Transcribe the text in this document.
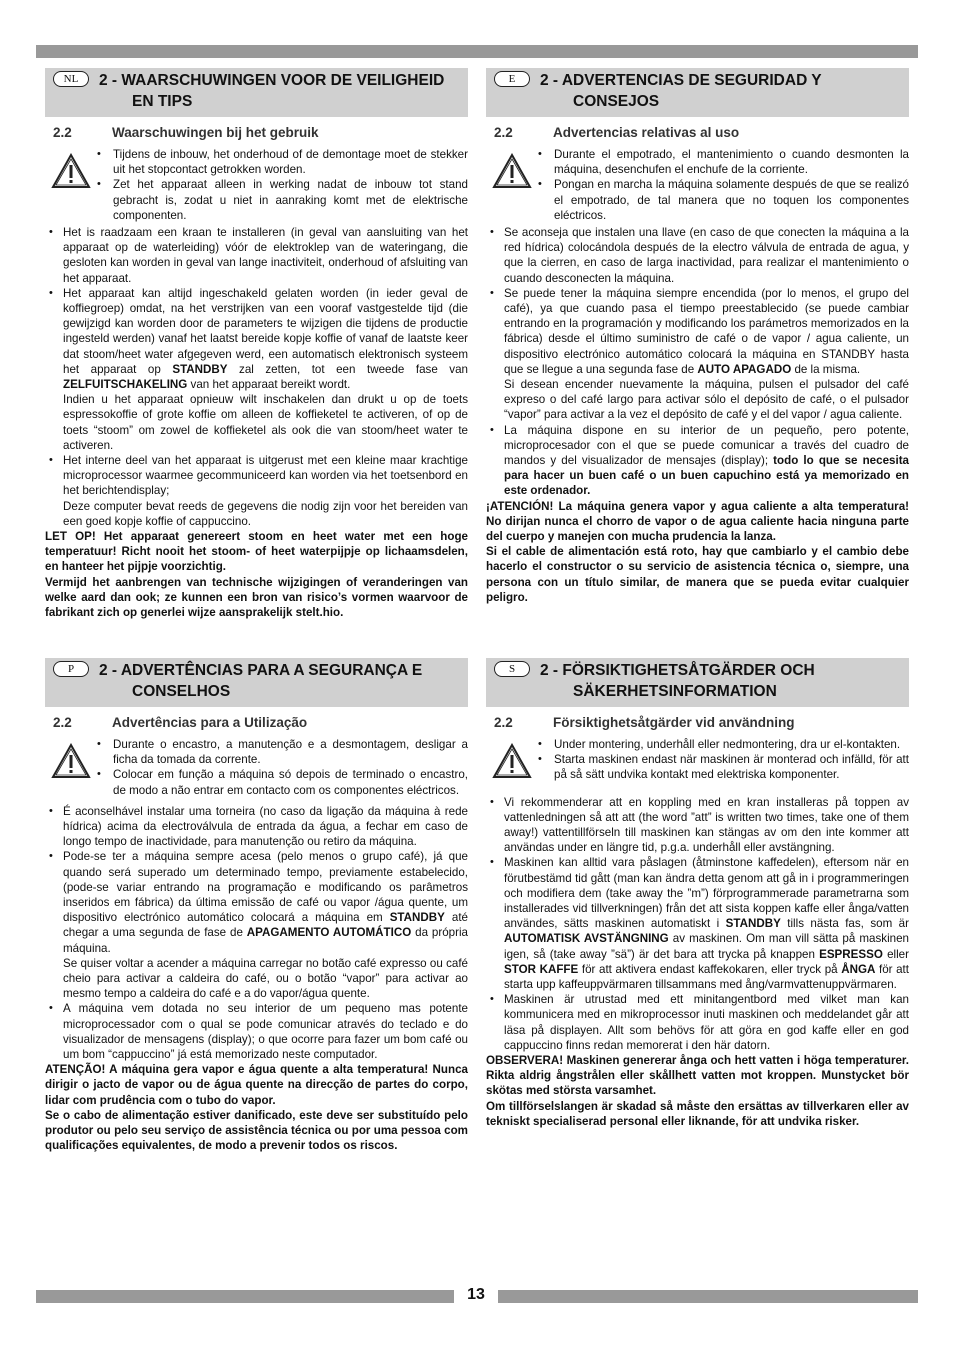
NL	2 - WAARSCHUWINGEN VOOR DE VEILIGHEID EN TIPS
2.2	Waarschuwingen bij het gebruik
• Tijdens de inbouw, het onderhoud of de demontage moet de stekker uit het stopcontact getrokken worden.
• Zet het apparaat alleen in werking nadat de inbouw tot stand gebracht is, zodat u niet in aanraking komt met de elektrische componenten.
• Het is raadzaam een kraan te installeren (in geval van aansluiting van het apparaat op de waterleiding) vóór de elektroklep van de wateringang, die gesloten kan worden in geval van lange inactiviteit, onderhoud of afsluiting van het apparaat.
• Het apparaat kan altijd ingeschakeld gelaten worden (in ieder geval de koffiegroep) omdat, na het verstrijken van een vooraf vastgestelde tijd (die gewijzigd kan worden door de parameters te wijzigen die tijdens de productie ingesteld werden) vanaf het laatst bereide kopje koffie of vanaf de laatste keer dat stoom/heet water afgegeven werd, een automatisch elektronisch systeem het apparaat op STANDBY zal zetten, tot een tweede fase van ZELFUITSCHAKELING van het apparaat bereikt wordt.
Indien u het apparaat opnieuw wilt inschakelen dan drukt u op de toets espressokoffie of grote koffie om alleen de koffieketel te activeren, of op de toets “stoom” om zowel de koffieketel als ook die van stoom/heet water te activeren.
• Het interne deel van het apparaat is uitgerust met een kleine maar krachtige microprocessor waarmee gecommuniceerd kan worden via het toetsenbord en het berichtendisplay;
Deze computer bevat reeds de gegevens die nodig zijn voor het bereiden van een goed kopje koffie of cappuccino.

LET OP! Het apparaat genereert stoom en heet water met een hoge temperatuur! Richt nooit het stoom- of heet waterpijpje op lichaamsdelen, en hanteer het pijpje voorzichtig.

Vermijd het aanbrengen van technische wijzigingen of veranderingen van welke aard dan ook; ze kunnen een bron van risico’s vormen waarvoor de fabrikant zich op generlei wijze aansprakelijk stelt.hio.

E	2 - ADVERTENCIAS DE SEGURIDAD Y CONSEJOS
2.2	Advertencias relativas al uso
• Durante el empotrado, el mantenimiento o cuando desmonten la máquina, desenchufen el enchufe de la corriente.
• Pongan en marcha la máquina solamente después de que se realizó el empotrado, de tal manera que no toquen los componentes eléctricos.
• Se aconseja que instalen una llave (en caso de que conecten la máquina a la red hídrica) colocándola después de la electro válvula de entrada de agua, y que la cierren, en caso de larga inactividad, para realizar el mantenimiento o cuando desconecten la máquina.
• Se puede tener la máquina siempre encendida (por lo menos, el grupo del café), ya que cuando pasa el tiempo preestablecido (se puede cambiar entrando en la programación y modificando los parámetros memorizados en la fábrica) desde el último suministro de café o de vapor / agua caliente, un dispositivo electrónico automático colocará la máquina en STANDBY hasta que se llegue a una segunda fase de AUTO APAGADO de la misma.
Si desean encender nuevamente la máquina, pulsen el pulsador del café expreso o del café largo para activar sólo el depósito de café, o el pulsador “vapor” para activar a la vez el depósito de café y el del vapor / agua caliente.
• La máquina dispone en su interior de un pequeño, pero potente, microprocesador con el que se puede comunicar a través del cuadro de mandos y del visualizador de mensajes (display); todo lo que se necesita para hacer un buen café o un buen capuchino está ya memorizado en este ordenador.

¡ATENCIÓN! La máquina genera vapor y agua caliente a alta temperatura! No dirijan nunca el chorro de vapor o de agua caliente hacia ninguna parte del cuerpo y manejen con mucha prudencia la lanza.

Si el cable de alimentación está roto, hay que cambiarlo y el cambio debe hacerlo el constructor o su servicio de asistencia técnica o, siempre, una persona con un título similar, de manera que se pueda evitar cualquier peligro.

P	2 - ADVERTÊNCIAS PARA A SEGURANÇA E CONSELHOS
2.2	Advertências para a Utilização
• Durante o encastro, a manutenção e a desmontagem, desligar a ficha da tomada da corrente.
• Colocar em função a máquina só depois de terminado o encastro, de modo a não entrar em contacto com os componentes eléctricos.
• É aconselhável instalar uma torneira (no caso da ligação da máquina à rede hídrica) acima da electroválvula de entrada da água, a fechar em caso de longo tempo de inactividade, para manutenção ou retiro da máquina.
• Pode-se ter a máquina sempre acesa (pelo menos o grupo café), já que quando será superado um determinado tempo, previamente estabelecido, (pode-se variar entrando na programação e modificando os parâmetros inseridos em fábrica) da última emissão de café ou vapor /água quente, um dispositivo electrónico automático colocará a máquina em STANDBY até chegar a uma segunda de fase de APAGAMENTO AUTOMÁTICO da própria máquina.
Se quiser voltar a acender a máquina carregar no botão café expresso ou café cheio para activar a caldeira do café, ou o botão “vapor” para activar ao mesmo tempo a caldeira do café e a do vapor/água quente.
• A máquina vem dotada no seu interior de um pequeno mas potente microprocessador com o qual se pode comunicar através do teclado e do visualizador de mensagens (display); o que ocorre para fazer um bom café ou um bom “cappuccino” já está memorizado neste computador.

ATENÇÃO! A máquina gera vapor e água quente a alta temperatura! Nunca dirigir o jacto de vapor ou de água quente na direcção de partes do corpo, lidar com prudência com o tubo do vapor.

Se o cabo de alimentação estiver danificado, este deve ser substituído pelo produtor ou pelo seu serviço de assistência técnica ou por uma pessoa com qualificações equivalentes, de modo a prevenir todos os riscos.

S	2 - FÖRSIKTIGHETSÅTGÄRDER OCH SÄKERHETSINFORMATION
2.2	Försiktighetsåtgärder vid användning
• Under montering, underhåll eller nedmontering, dra ur el-kontakten.
• Starta maskinen endast när maskinen är monterad och infälld, för att på så sätt undvika kontakt med elektriska komponenter.
• Vi rekommenderar att en koppling med en kran installeras på toppen av vattenledningen så att att (the word ”att” is written two times, take one of them away!) vattentillförseln till maskinen kan stängas av om den inte kommer att användas under en längre tid, p.g.a. underhåll eller avstängning.
• Maskinen kan alltid vara påslagen (åtminstone kaffedelen), eftersom när en förutbestämd tid gått (man kan ändra detta genom att gå in i programmeringen och modifiera dem (take away the ”m”) förprogrammerade parametrarna som installerades vid tillverkningen) från det att sista koppen kaffe eller ånga/vatten användes, sätts maskinen automatiskt i STANDBY tills nästa fas, som är AUTOMATISK AVSTÄNGNING av maskinen. Om man vill sätta på maskinen igen, så (take away ”sä”) är det bara att trycka på knappen ESPRESSO eller STOR KAFFE för att aktivera endast kaffekokaren, eller tryck på ÅNGA för att starta upp kaffeuppvärmaren tillsammans med ång/varmvattenuppvärmaren.
• Maskinen är utrustad med ett minitangentbord med vilket man kan kommunicera med en mikroprocessor inuti maskinen och meddelandet går att läsa på displayen. Allt som behövs för att göra en god kaffe eller en god cappuccino finns redan memorerat i den här datorn.

OBSERVERA! Maskinen genererar ånga och hett vatten i höga temperaturer. Rikta aldrig ångstrålen eller skållhett vatten mot kroppen. Munstycket bör skötas med största varsamhet.

Om tillförselslangen är skadad så måste den ersättas av tillverkaren eller av tekniskt specialiserad personal eller liknande, för att undvika risker.

13
